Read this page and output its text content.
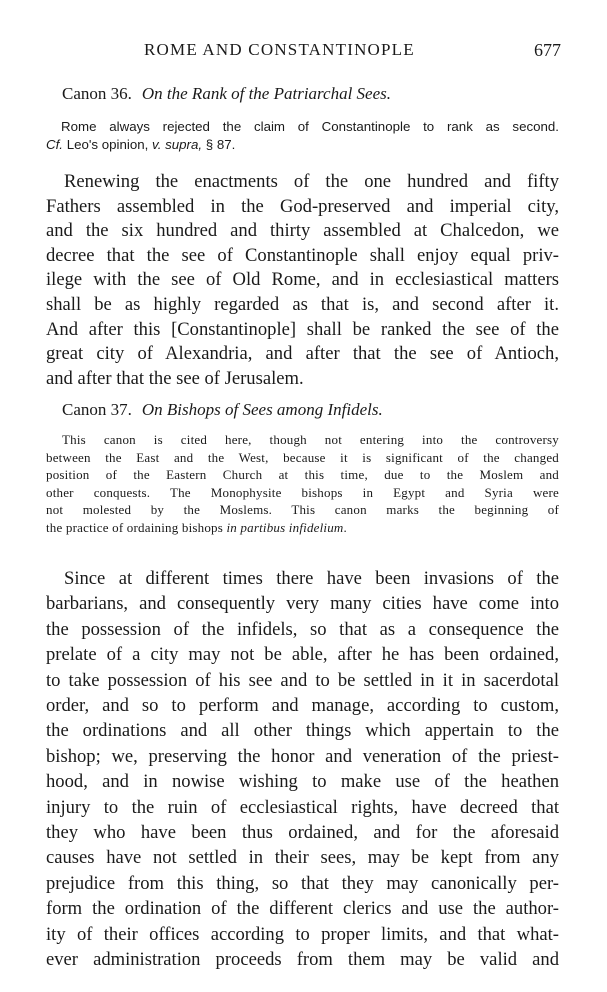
ROME AND CONSTANTINOPLE	677
Canon 36. On the Rank of the Patriarchal Sees.
Rome always rejected the claim of Constantinople to rank as second.
Cf. Leo's opinion, v. supra, § 87.
Renewing the enactments of the one hundred and fifty
Fathers assembled in the God-preserved and imperial city,
and the six hundred and thirty assembled at Chalcedon, we
decree that the see of Constantinople shall enjoy equal priv-
ilege with the see of Old Rome, and in ecclesiastical matters
shall be as highly regarded as that is, and second after it.
And after this [Constantinople] shall be ranked the see of the
great city of Alexandria, and after that the see of Antioch,
and after that the see of Jerusalem.
Canon 37. On Bishops of Sees among Infidels.
This canon is cited here, though not entering into the controversy
between the East and the West, because it is significant of the changed
position of the Eastern Church at this time, due to the Moslem and
other conquests. The Monophysite bishops in Egypt and Syria were
not molested by the Moslems. This canon marks the beginning of
the practice of ordaining bishops in partibus infidelium.
Since at different times there have been invasions of the
barbarians, and consequently very many cities have come into
the possession of the infidels, so that as a consequence the
prelate of a city may not be able, after he has been ordained,
to take possession of his see and to be settled in it in sacerdotal
order, and so to perform and manage, according to custom,
the ordinations and all other things which appertain to the
bishop; we, preserving the honor and veneration of the priest-
hood, and in nowise wishing to make use of the heathen
injury to the ruin of ecclesiastical rights, have decreed that
they who have been thus ordained, and for the aforesaid
causes have not settled in their sees, may be kept from any
prejudice from this thing, so that they may canonically per-
form the ordination of the different clerics and use the author-
ity of their offices according to proper limits, and that what-
ever administration proceeds from them may be valid and
